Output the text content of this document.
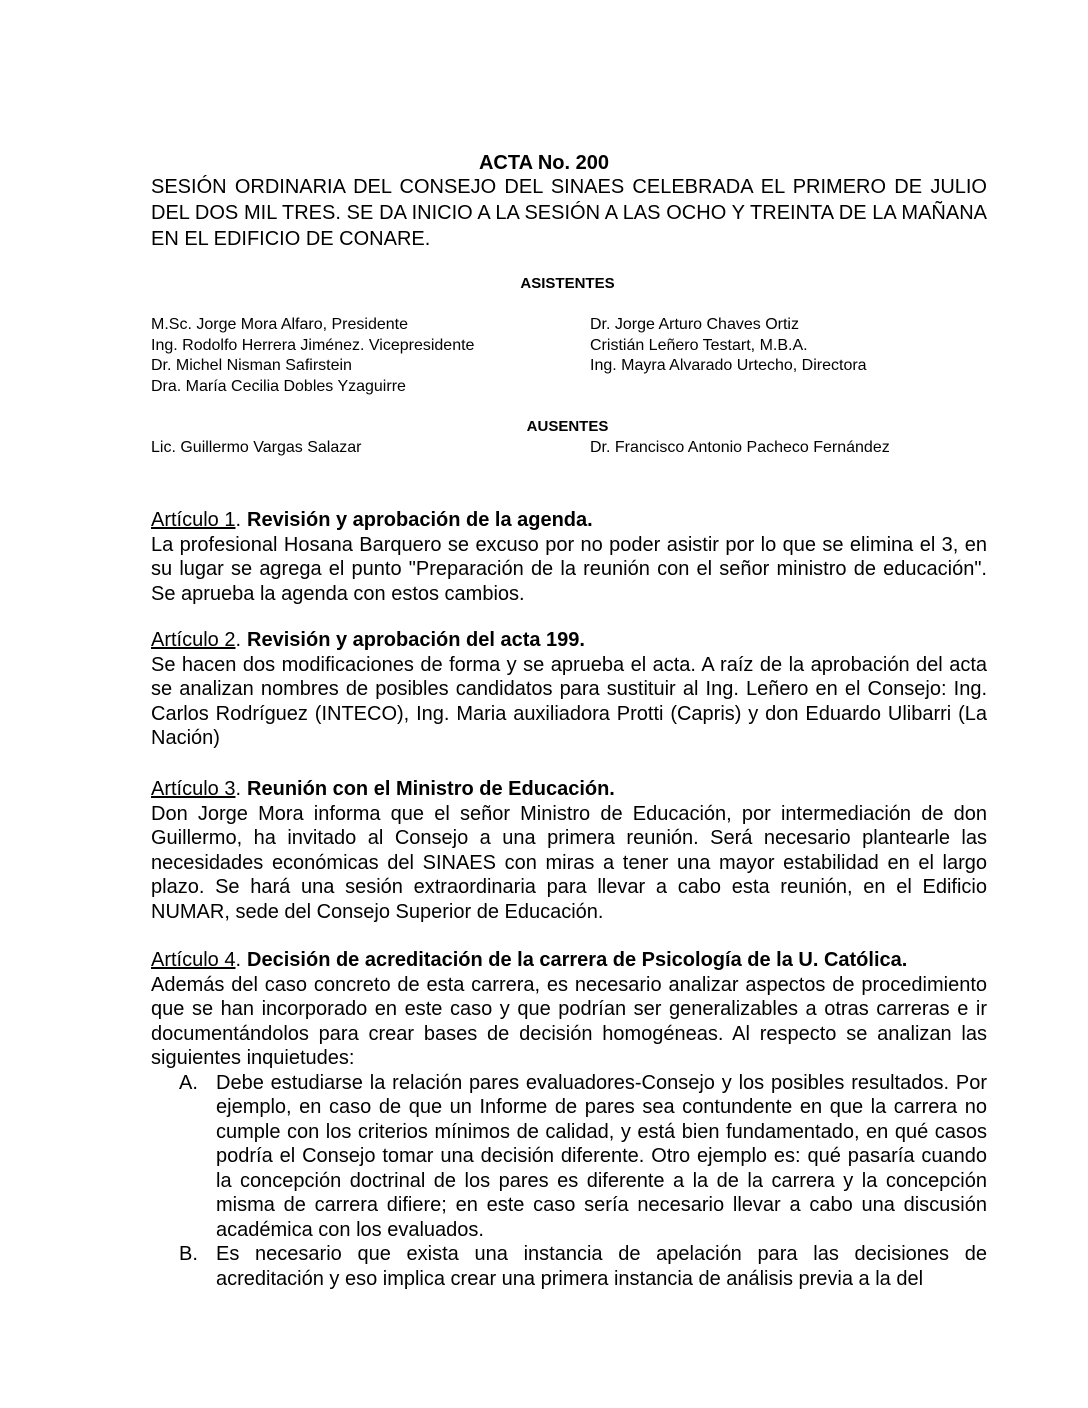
ACTA No. 200
SESIÓN ORDINARIA DEL CONSEJO DEL SINAES CELEBRADA EL PRIMERO DE JULIO DEL DOS MIL TRES. SE DA INICIO A LA SESIÓN A LAS OCHO Y TREINTA DE LA MAÑANA EN EL EDIFICIO DE CONARE.
ASISTENTES
M.Sc. Jorge Mora Alfaro, Presidente
Ing. Rodolfo Herrera Jiménez. Vicepresidente
Dr. Michel Nisman Safirstein
Dra. María Cecilia Dobles Yzaguirre
Dr. Jorge Arturo Chaves Ortiz
Cristián Leñero Testart, M.B.A.
Ing. Mayra Alvarado Urtecho, Directora
AUSENTES
Lic. Guillermo Vargas Salazar	Dr. Francisco Antonio Pacheco Fernández
Artículo 1. Revisión y aprobación de la agenda.
La profesional Hosana Barquero se excuso por no poder asistir por lo que se elimina el 3, en su lugar se agrega el punto "Preparación de la reunión con el señor ministro de educación". Se aprueba la agenda con estos cambios.
Artículo 2. Revisión y aprobación del acta 199.
Se hacen dos modificaciones de forma y se aprueba el acta. A raíz de la aprobación del acta se analizan nombres de posibles candidatos para sustituir al Ing. Leñero en el Consejo: Ing. Carlos Rodríguez (INTECO), Ing. Maria auxiliadora Protti (Capris) y don Eduardo Ulibarri (La Nación)
Artículo 3. Reunión con el Ministro de Educación.
Don Jorge Mora informa que el señor Ministro de Educación, por intermediación de don Guillermo, ha invitado al Consejo a una primera reunión. Será necesario plantearle las necesidades económicas del SINAES con miras a tener una mayor estabilidad en el largo plazo. Se hará una sesión extraordinaria para llevar a cabo esta reunión, en el Edificio NUMAR, sede del Consejo Superior de Educación.
Artículo 4. Decisión de acreditación de la carrera de Psicología de la U. Católica.
Además del caso concreto de esta carrera, es necesario analizar aspectos de procedimiento que se han incorporado en este caso y que podrían ser generalizables a otras carreras e ir documentándolos para crear bases de decisión homogéneas. Al respecto se analizan las siguientes inquietudes:
A. Debe estudiarse la relación pares evaluadores-Consejo y los posibles resultados. Por ejemplo, en caso de que un Informe de pares sea contundente en que la carrera no cumple con los criterios mínimos de calidad, y está bien fundamentado, en qué casos podría el Consejo tomar una decisión diferente. Otro ejemplo es: qué pasaría cuando la concepción doctrinal de los pares es diferente a la de la carrera y la concepción misma de carrera difiere; en este caso sería necesario llevar a cabo una discusión académica con los evaluados.
B. Es necesario que exista una instancia de apelación para las decisiones de acreditación y eso implica crear una primera instancia de análisis previa a la del
